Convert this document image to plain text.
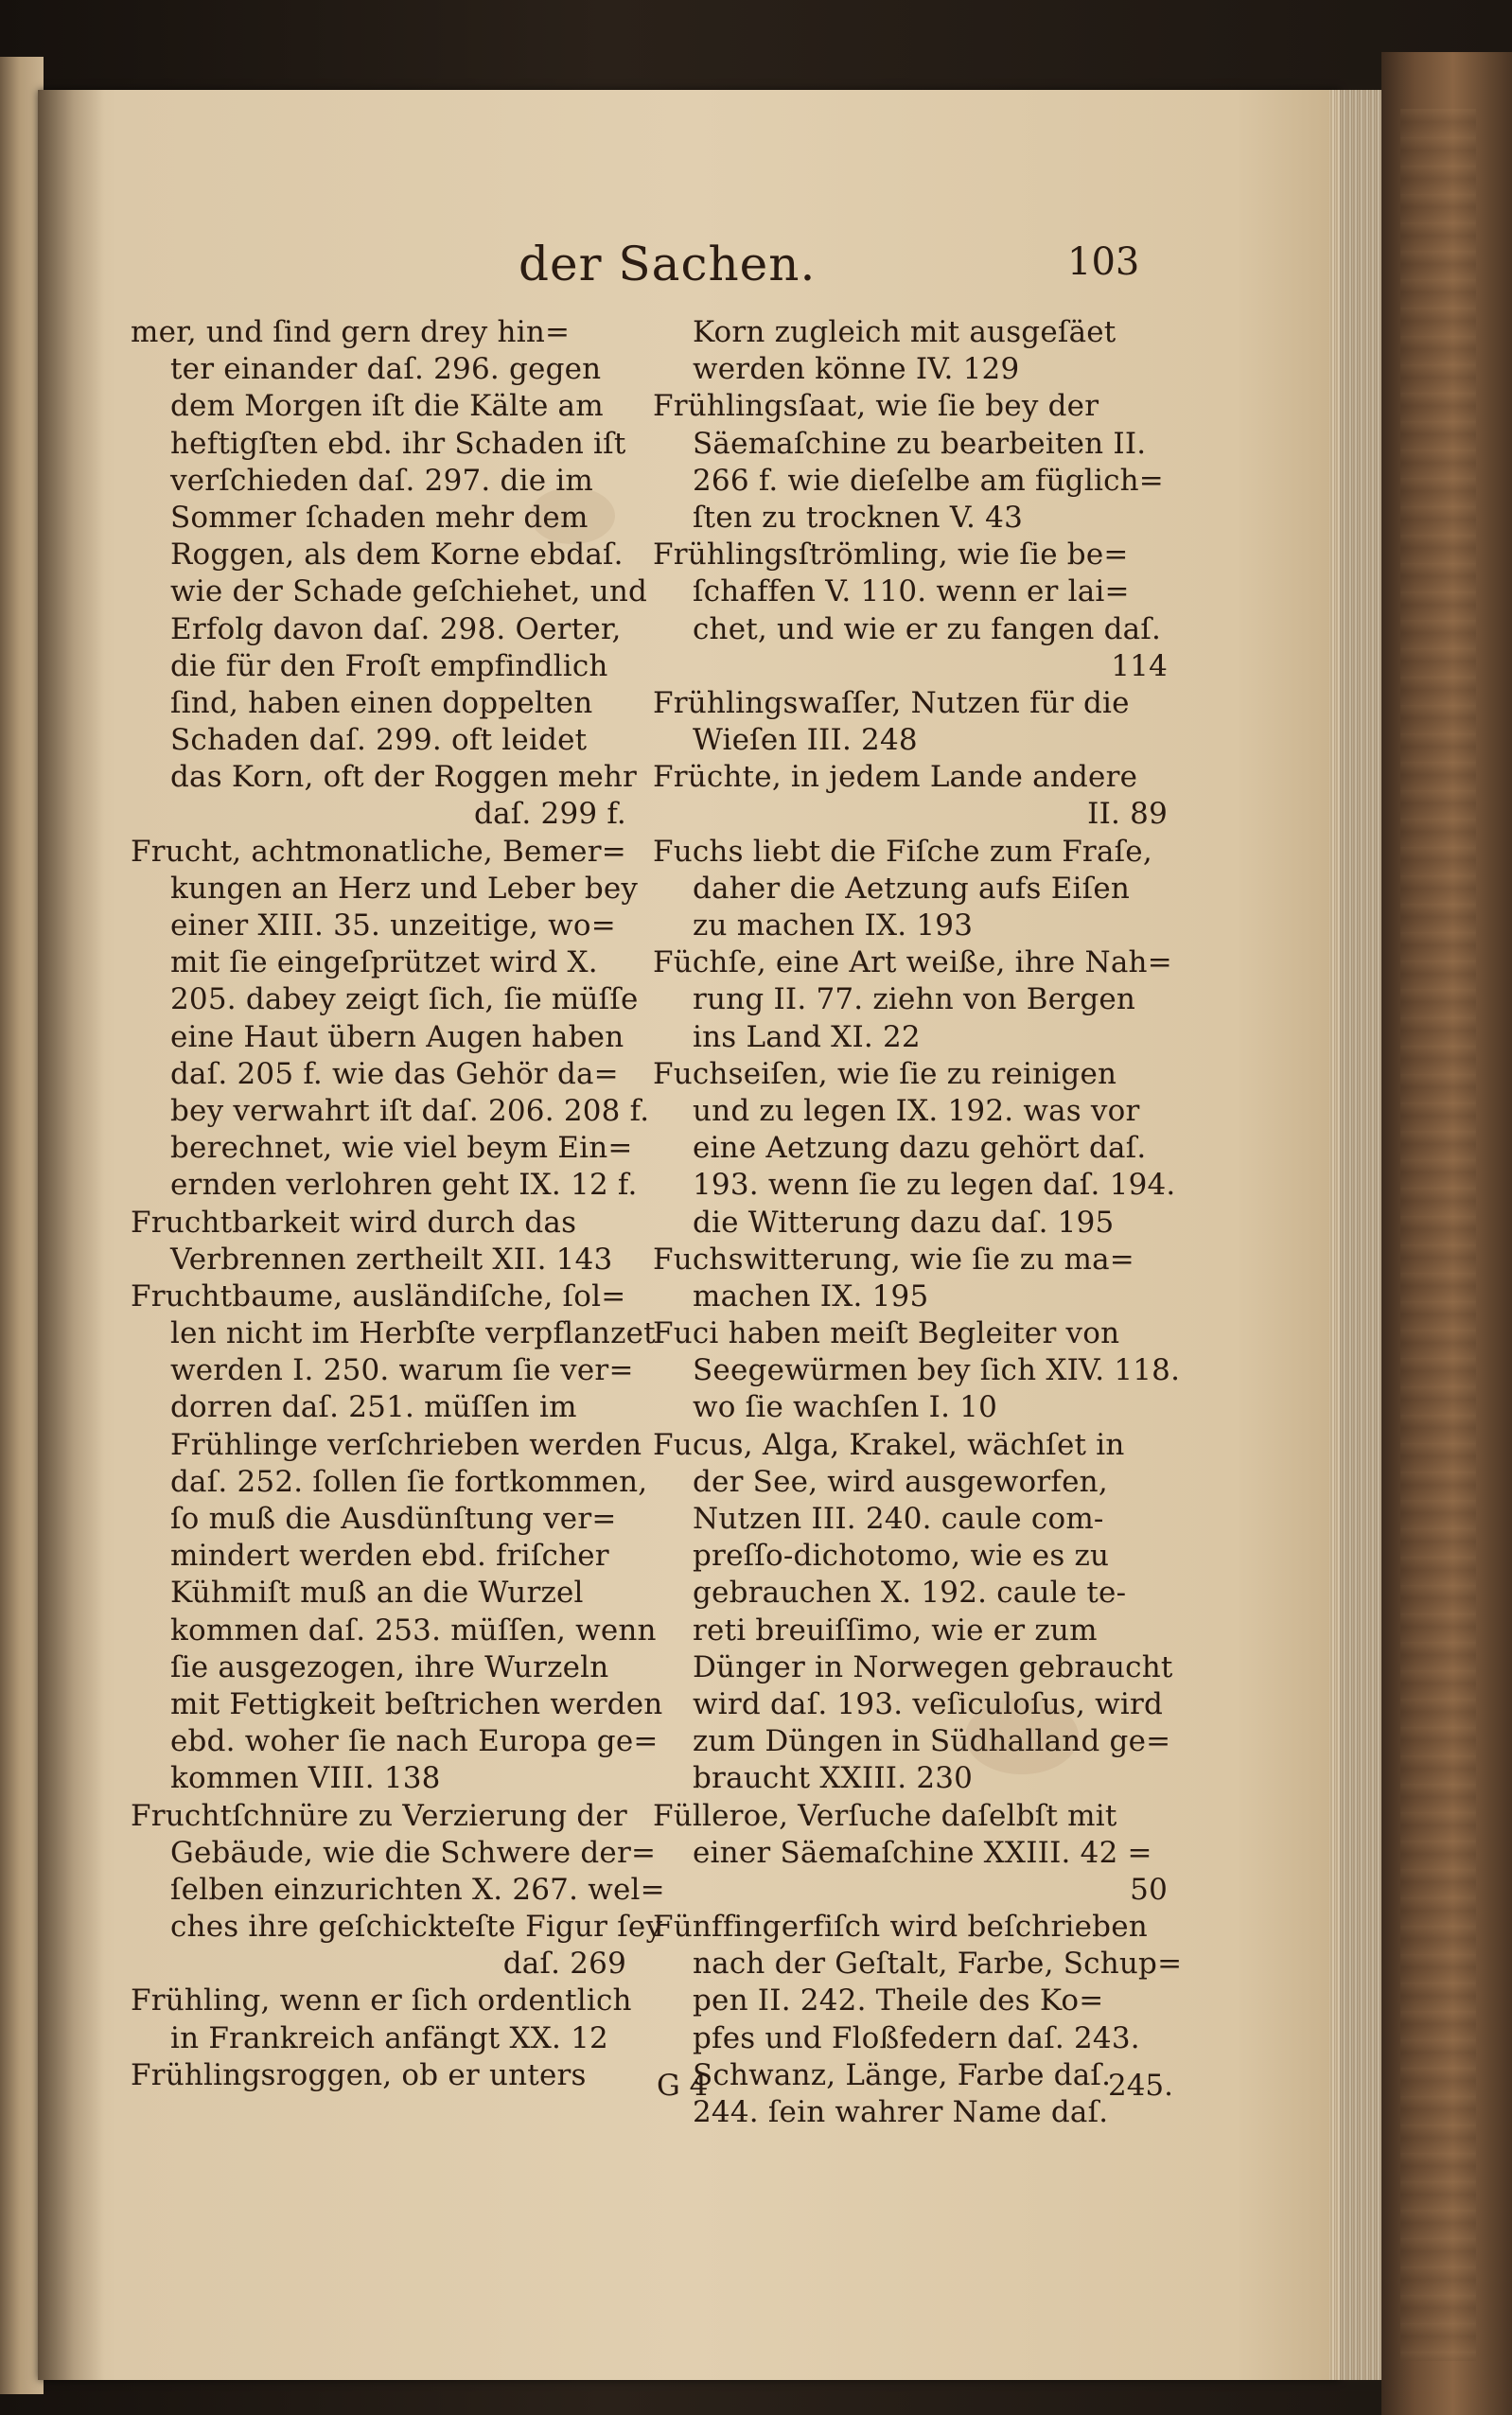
der Sachen.	103
mer, und ſind gern drey hin=
ter einander daſ. 296. gegen
dem Morgen iſt die Kälte am
heftigſten ebd. ihr Schaden iſt
verſchieden daſ. 297. die im
Sommer ſchaden mehr dem
Roggen, als dem Korne ebdaſ.
wie der Schade geſchiehet, und
Erfolg davon daſ. 298. Oerter,
die für den Froſt empfindlich
ſind, haben einen doppelten
Schaden daſ. 299. oft leidet
das Korn, oft der Roggen mehr
daſ. 299 f.
Frucht, achtmonatliche, Bemer=
kungen an Herz und Leber bey
einer XIII. 35. unzeitige, wo=
mit ſie eingeſprützet wird X.
205. dabey zeigt ſich, ſie müſſe
eine Haut übern Augen haben
daſ. 205 f. wie das Gehör da=
bey verwahrt iſt daſ. 206. 208 f.
berechnet, wie viel beym Ein=
ernden verlohren geht IX. 12 f.
Fruchtbarkeit wird durch das
Verbrennen zertheilt XII. 143
Fruchtbaume, ausländiſche, ſol=
len nicht im Herbſte verpflanzet
werden I. 250. warum ſie ver=
dorren daſ. 251. müſſen im
Frühlinge verſchrieben werden
daſ. 252. ſollen ſie fortkommen,
ſo muß die Ausdünſtung ver=
mindert werden ebd. friſcher
Kühmiſt muß an die Wurzel
kommen daſ. 253. müſſen, wenn
ſie ausgezogen, ihre Wurzeln
mit Fettigkeit beſtrichen werden
ebd. woher ſie nach Europa ge=
kommen VIII. 138
Fruchtſchnüre zu Verzierung der
Gebäude, wie die Schwere der=
ſelben einzurichten X. 267. wel=
ches ihre geſchickteſte Figur ſey
daſ. 269
Frühling, wenn er ſich ordentlich
in Frankreich anfängt XX. 12
Frühlingsroggen, ob er unters
Korn zugleich mit ausgeſäet
werden könne IV. 129
Frühlingsſaat, wie ſie bey der
Säemaſchine zu bearbeiten II.
266 f. wie dieſelbe am füglich=
ſten zu trocknen V. 43
Frühlingsſtrömling, wie ſie be=
ſchaffen V. 110. wenn er lai=
chet, und wie er zu fangen daſ.
114
Frühlingswaſſer, Nutzen für die
Wieſen III. 248
Früchte, in jedem Lande andere
II. 89
Fuchs liebt die Fiſche zum Fraſe,
daher die Aetzung aufs Eiſen
zu machen IX. 193
Füchſe, eine Art weiße, ihre Nah=
rung II. 77. ziehn von Bergen
ins Land XI. 22
Fuchseiſen, wie ſie zu reinigen
und zu legen IX. 192. was vor
eine Aetzung dazu gehört daſ.
193. wenn ſie zu legen daſ. 194.
die Witterung dazu daſ. 195
Fuchswitterung, wie ſie zu ma=
machen IX. 195
Fuci haben meiſt Begleiter von
Seegewürmen bey ſich XIV. 118.
wo ſie wachſen I. 10
Fucus, Alga, Krakel, wächſet in
der See, wird ausgeworfen,
Nutzen III. 240. caule com-
preſſo-dichotomo, wie es zu
gebrauchen X. 192. caule te-
reti breuiſſimo, wie er zum
Dünger in Norwegen gebraucht
wird daſ. 193. veſiculoſus, wird
zum Düngen in Südhalland ge=
braucht XXIII. 230
Fülleroe, Verſuche daſelbſt mit
einer Säemaſchine XXIII. 42 =
50
Fünffingerfiſch wird beſchrieben
nach der Geſtalt, Farbe, Schup=
pen II. 242. Theile des Ko=
pfes und Floßfedern daſ. 243.
Schwanz, Länge, Farbe daſ.
244. ſein wahrer Name daſ.
G 4	245.
